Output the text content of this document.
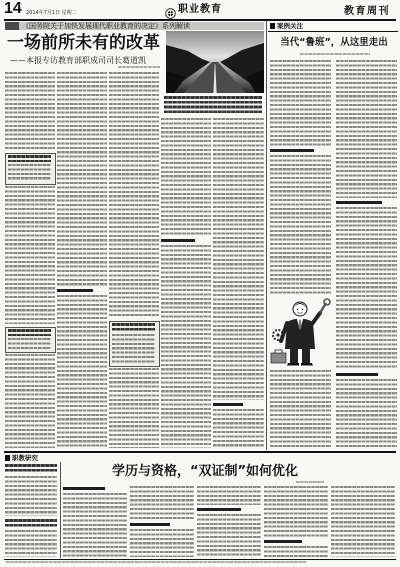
14 2014年7月1日 星期二	职业教育	教育周刊
《国务院关于加快发展现代职业教育的决定》系列解读
一场前所未有的改革
——本报专访教育部职成司司长葛道凯
案例关注
当代“鲁班”，从这里走出
职教研究
学历与资格，“双证制”如何优化
